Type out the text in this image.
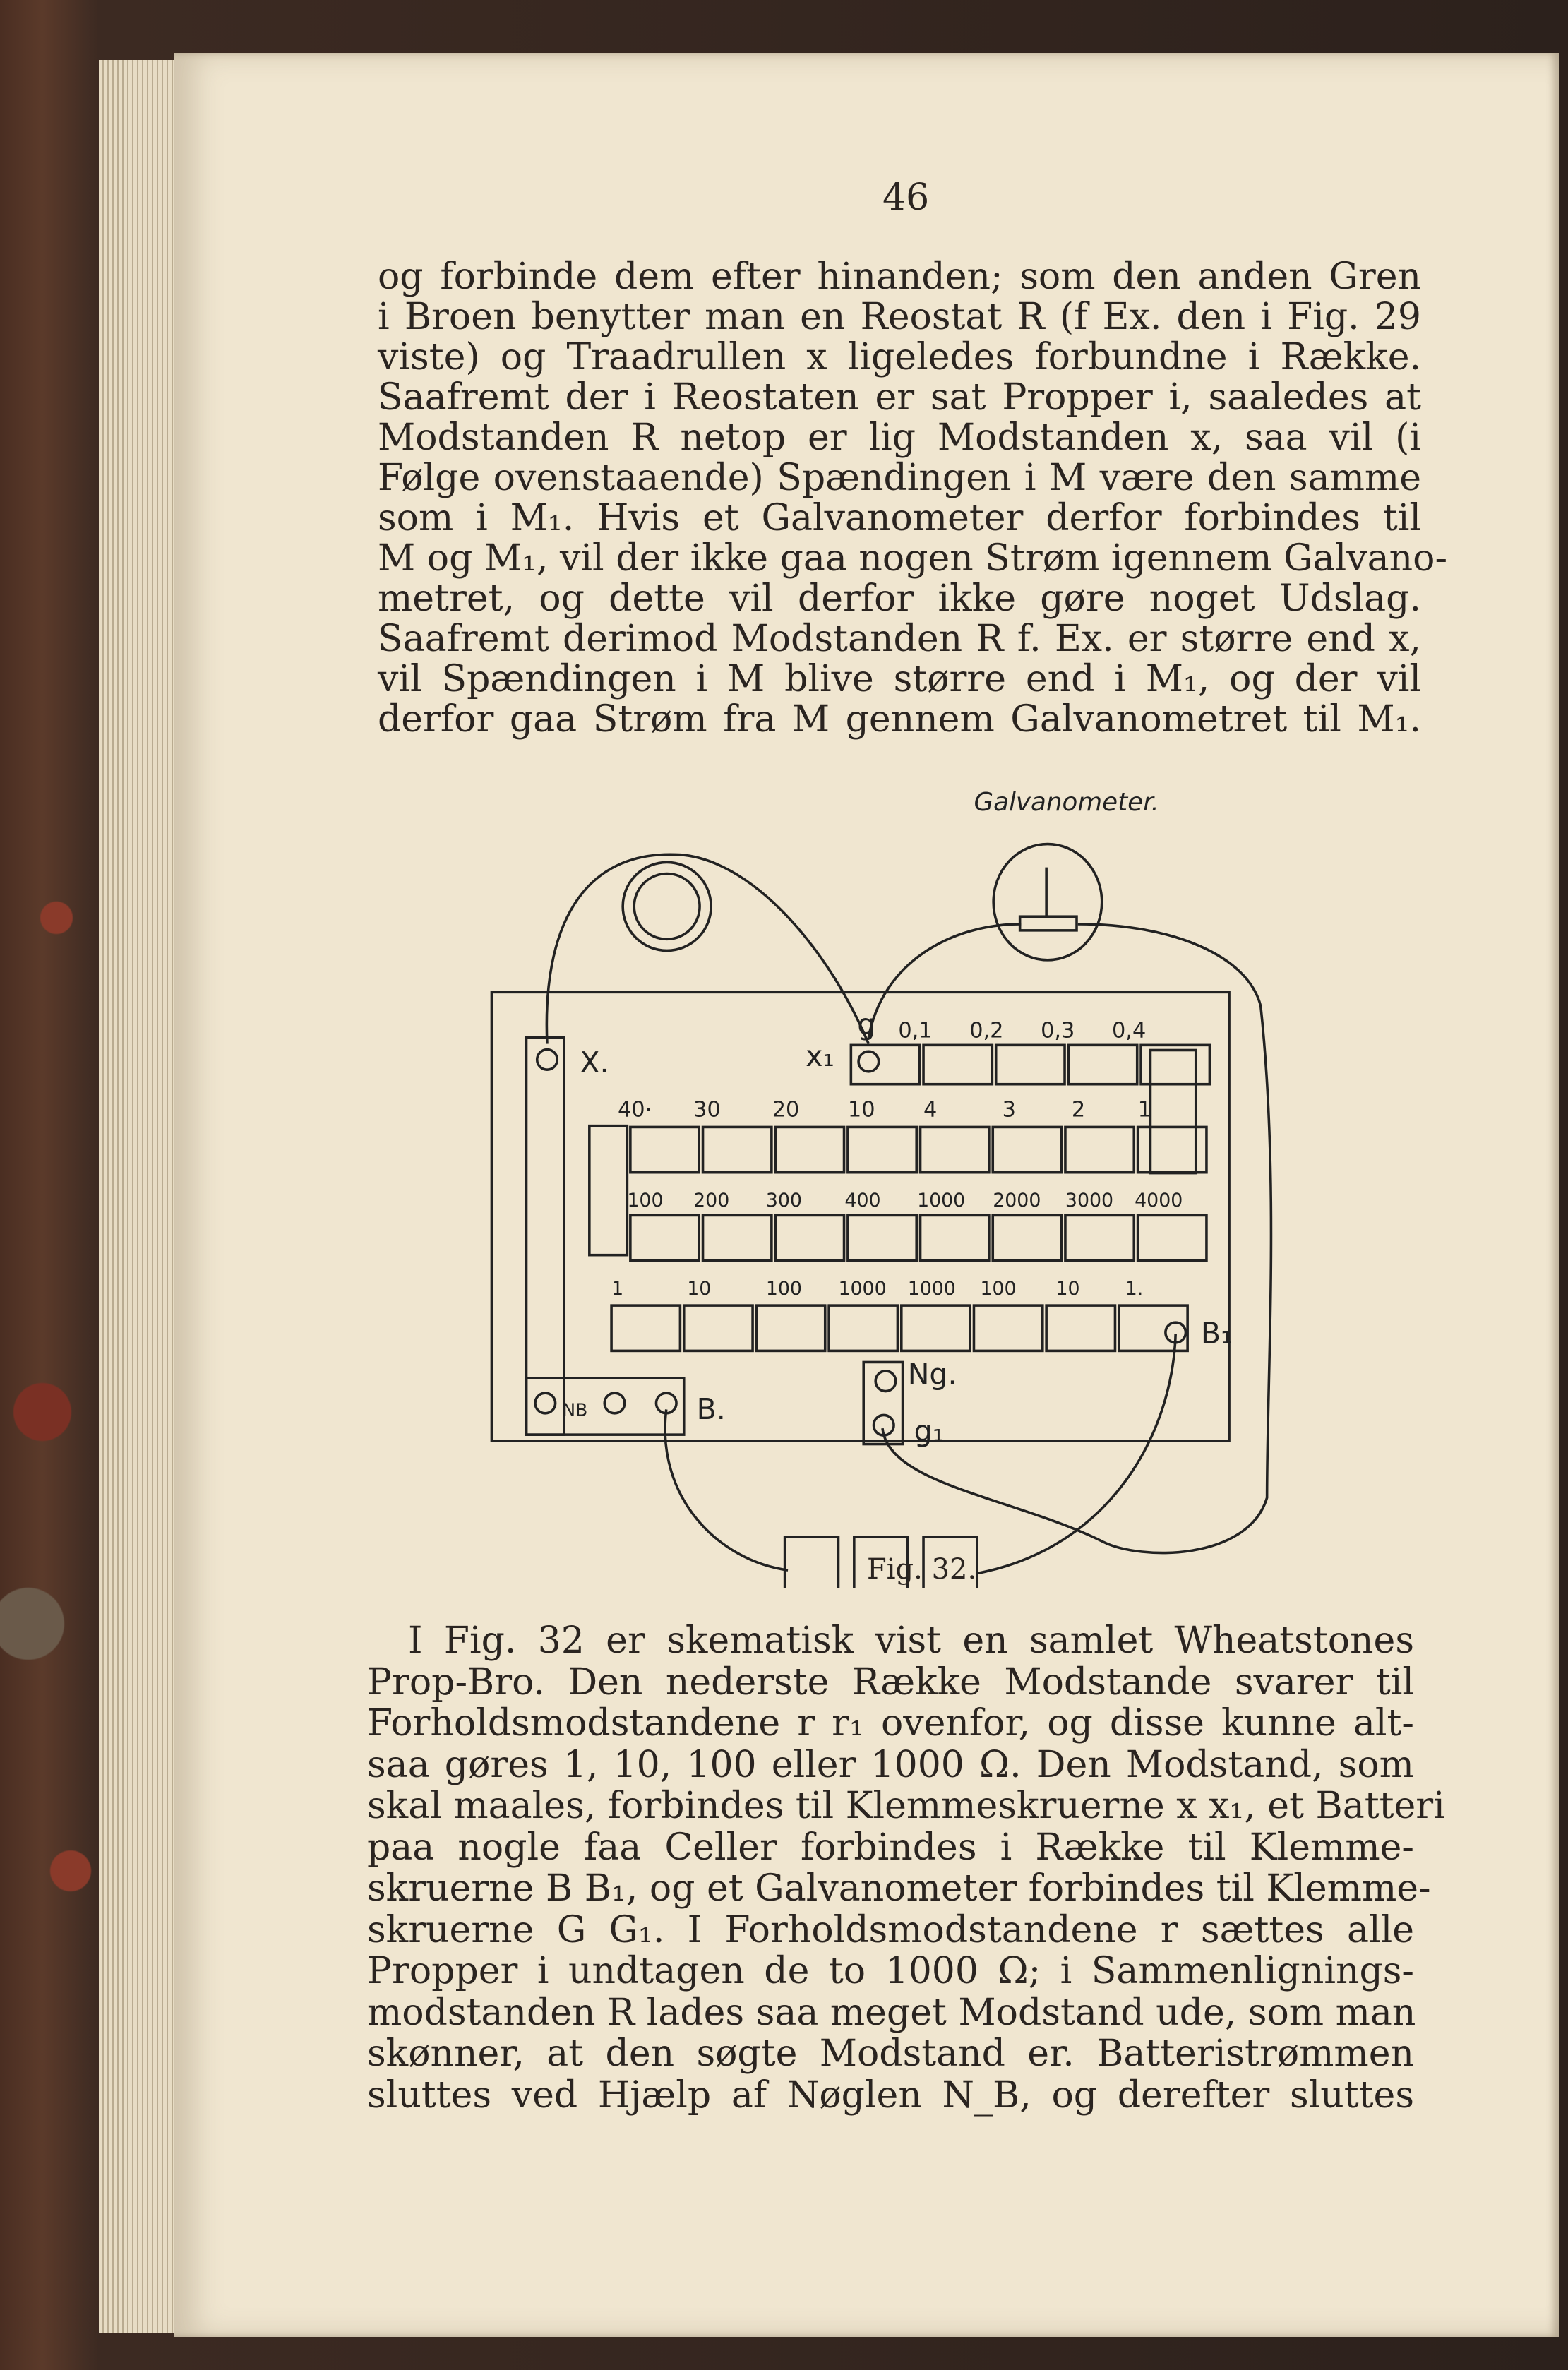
46
og forbinde dem efter hinanden; som den anden Gren
i Broen benytter man en Reostat R (f Ex. den i Fig. 29
viste) og Traadrullen x ligeledes forbundne i Række.
Saafremt der i Reostaten er sat Propper i, saaledes at
Modstanden R netop er lig Modstanden x, saa vil (i
Følge ovenstaaende) Spændingen i M være den samme
som i M₁. Hvis et Galvanometer derfor forbindes til
M og M₁, vil der ikke gaa nogen Strøm igennem Galvano-
metret, og dette vil derfor ikke gøre noget Udslag.
Saafremt derimod Modstanden R f. Ex. er større end x,
vil Spændingen i M blive større end i M₁, og der vil
derfor gaa Strøm fra M gennem Galvanometret til M₁.
Galvanometer.
0,1 0,2 0,3 0,4
40· 30 20 10 4	3 2 1
100 200 300 400 1000 2000 3000 4000
1	10	100 1000 1000 100 10 1.
X.	x₁
g
g₁
B.
B₁
NB
Ng.
Fig. 32.
I Fig. 32 er skematisk vist en samlet Wheatstones
Prop-Bro. Den nederste Række Modstande svarer til
Forholdsmodstandene r r₁ ovenfor, og disse kunne alt-
saa gøres 1, 10, 100 eller 1000 Ω. Den Modstand, som
skal maales, forbindes til Klemmeskruerne x x₁, et Batteri
paa nogle faa Celler forbindes i Række til Klemme-
skruerne B B₁, og et Galvanometer forbindes til Klemme-
skruerne G G₁. I Forholdsmodstandene r sættes alle
Propper i undtagen de to 1000 Ω; i Sammenlignings-
modstanden R lades saa meget Modstand ude, som man
skønner, at den søgte Modstand er. Batteristrømmen
sluttes ved Hjælp af Nøglen N_B, og derefter sluttes
